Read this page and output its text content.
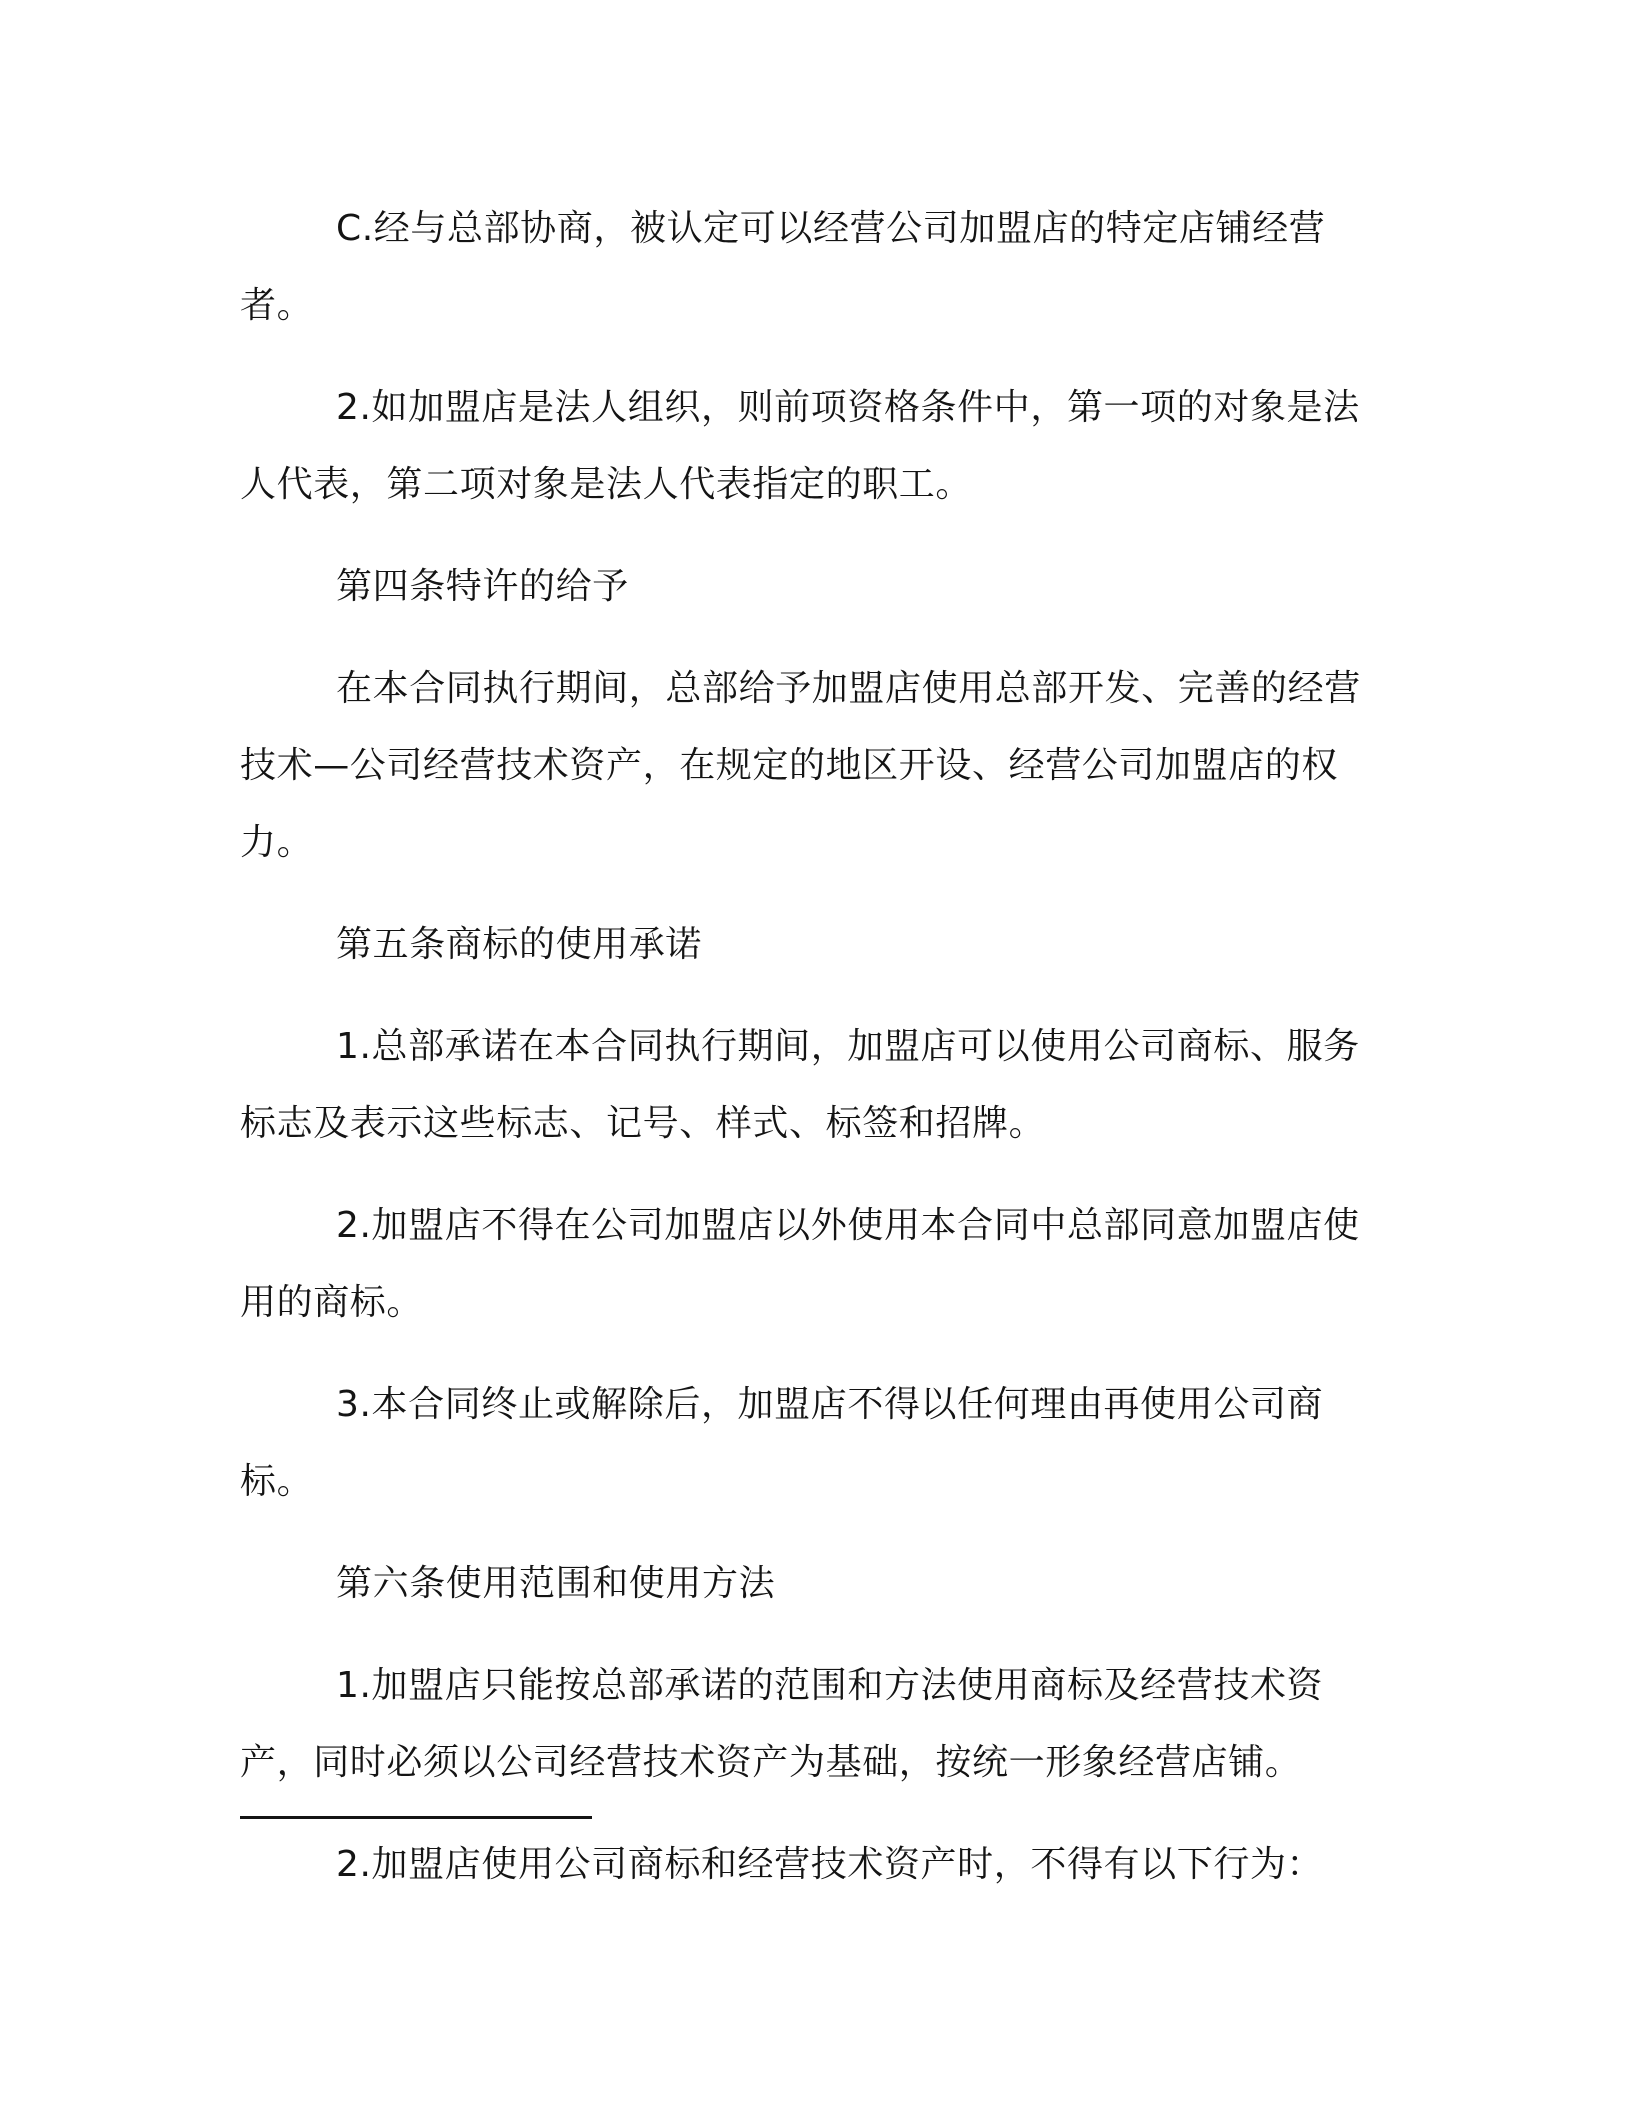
C.经与总部协商，被认定可以经营公司加盟店的特定店铺经营者。

2.如加盟店是法人组织，则前项资格条件中，第一项的对象是法人代表，第二项对象是法人代表指定的职工。

第四条特许的给予

在本合同执行期间，总部给予加盟店使用总部开发、完善的经营技术—公司经营技术资产，在规定的地区开设、经营公司加盟店的权力。

第五条商标的使用承诺

1.总部承诺在本合同执行期间，加盟店可以使用公司商标、服务标志及表示这些标志、记号、样式、标签和招牌。

2.加盟店不得在公司加盟店以外使用本合同中总部同意加盟店使用的商标。

3.本合同终止或解除后，加盟店不得以任何理由再使用公司商标。

第六条使用范围和使用方法

1.加盟店只能按总部承诺的范围和方法使用商标及经营技术资产，同时必须以公司经营技术资产为基础，按统一形象经营店铺。

2.加盟店使用公司商标和经营技术资产时，不得有以下行为：
